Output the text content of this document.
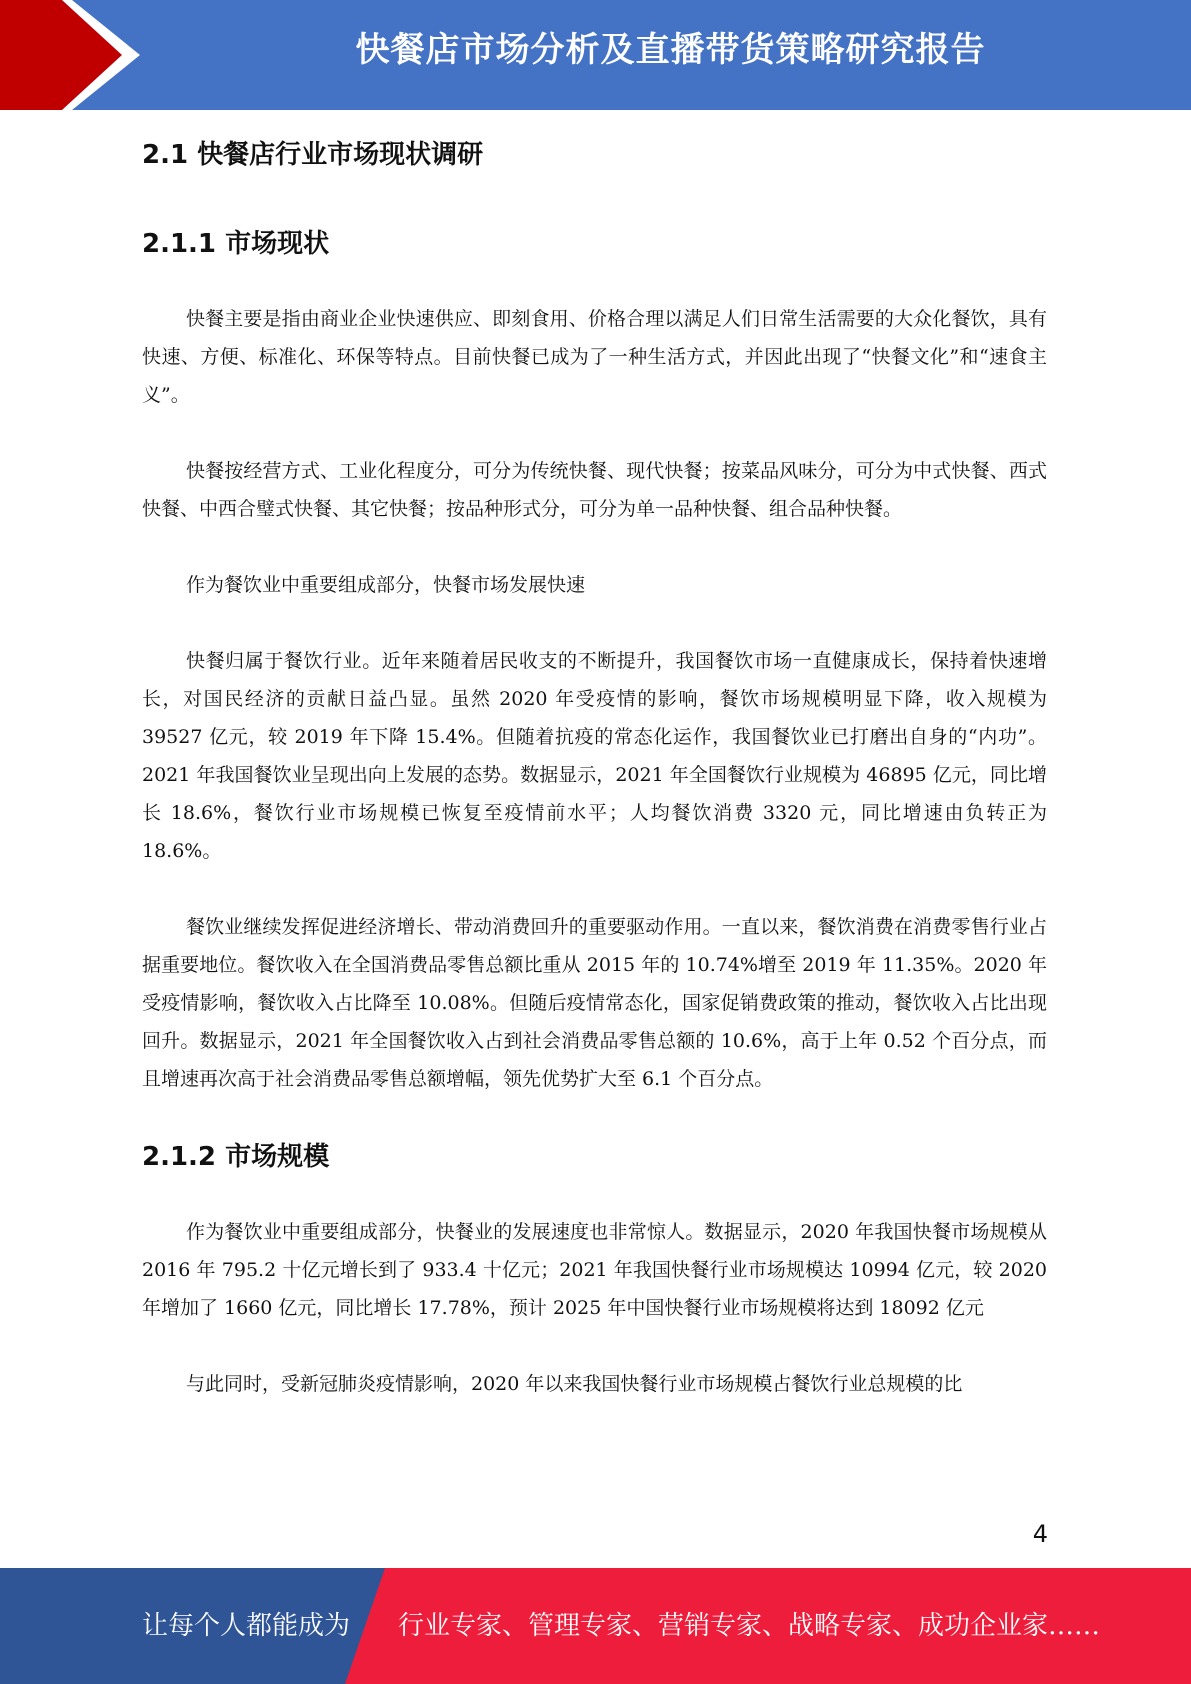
快餐店市场分析及直播带货策略研究报告
2.1 快餐店行业市场现状调研
2.1.1 市场现状

快餐主要是指由商业企业快速供应、即刻食用、价格合理以满足人们日常生活需要的大众化餐饮，具有快速、方便、标准化、环保等特点。目前快餐已成为了一种生活方式，并因此出现了“快餐文化”和“速食主义”。

快餐按经营方式、工业化程度分，可分为传统快餐、现代快餐；按菜品风味分，可分为中式快餐、西式快餐、中西合璧式快餐、其它快餐；按品种形式分，可分为单一品种快餐、组合品种快餐。

作为餐饮业中重要组成部分，快餐市场发展快速

快餐归属于餐饮行业。近年来随着居民收支的不断提升，我国餐饮市场一直健康成长，保持着快速增长，对国民经济的贡献日益凸显。虽然 2020 年受疫情的影响，餐饮市场规模明显下降，收入规模为 39527 亿元，较 2019 年下降 15.4%。但随着抗疫的常态化运作，我国餐饮业已打磨出自身的“内功”。2021 年我国餐饮业呈现出向上发展的态势。数据显示，2021 年全国餐饮行业规模为 46895 亿元，同比增长 18.6%，餐饮行业市场规模已恢复至疫情前水平；人均餐饮消费 3320 元，同比增速由负转正为 18.6%。

餐饮业继续发挥促进经济增长、带动消费回升的重要驱动作用。一直以来，餐饮消费在消费零售行业占据重要地位。餐饮收入在全国消费品零售总额比重从 2015 年的 10.74%增至 2019 年 11.35%。2020 年受疫情影响，餐饮收入占比降至 10.08%。但随后疫情常态化，国家促销费政策的推动，餐饮收入占比出现回升。数据显示，2021 年全国餐饮收入占到社会消费品零售总额的 10.6%，高于上年 0.52 个百分点，而且增速再次高于社会消费品零售总额增幅，领先优势扩大至 6.1 个百分点。

2.1.2 市场规模

作为餐饮业中重要组成部分，快餐业的发展速度也非常惊人。数据显示，2020 年我国快餐市场规模从 2016 年 795.2 十亿元增长到了 933.4 十亿元；2021 年我国快餐行业市场规模达 10994 亿元，较 2020 年增加了 1660 亿元，同比增长 17.78%，预计 2025 年中国快餐行业市场规模将达到 18092 亿元

与此同时，受新冠肺炎疫情影响，2020 年以来我国快餐行业市场规模占餐饮行业总规模的比

4
让每个人都能成为 行业专家、管理专家、营销专家、战略专家、成功企业家……
